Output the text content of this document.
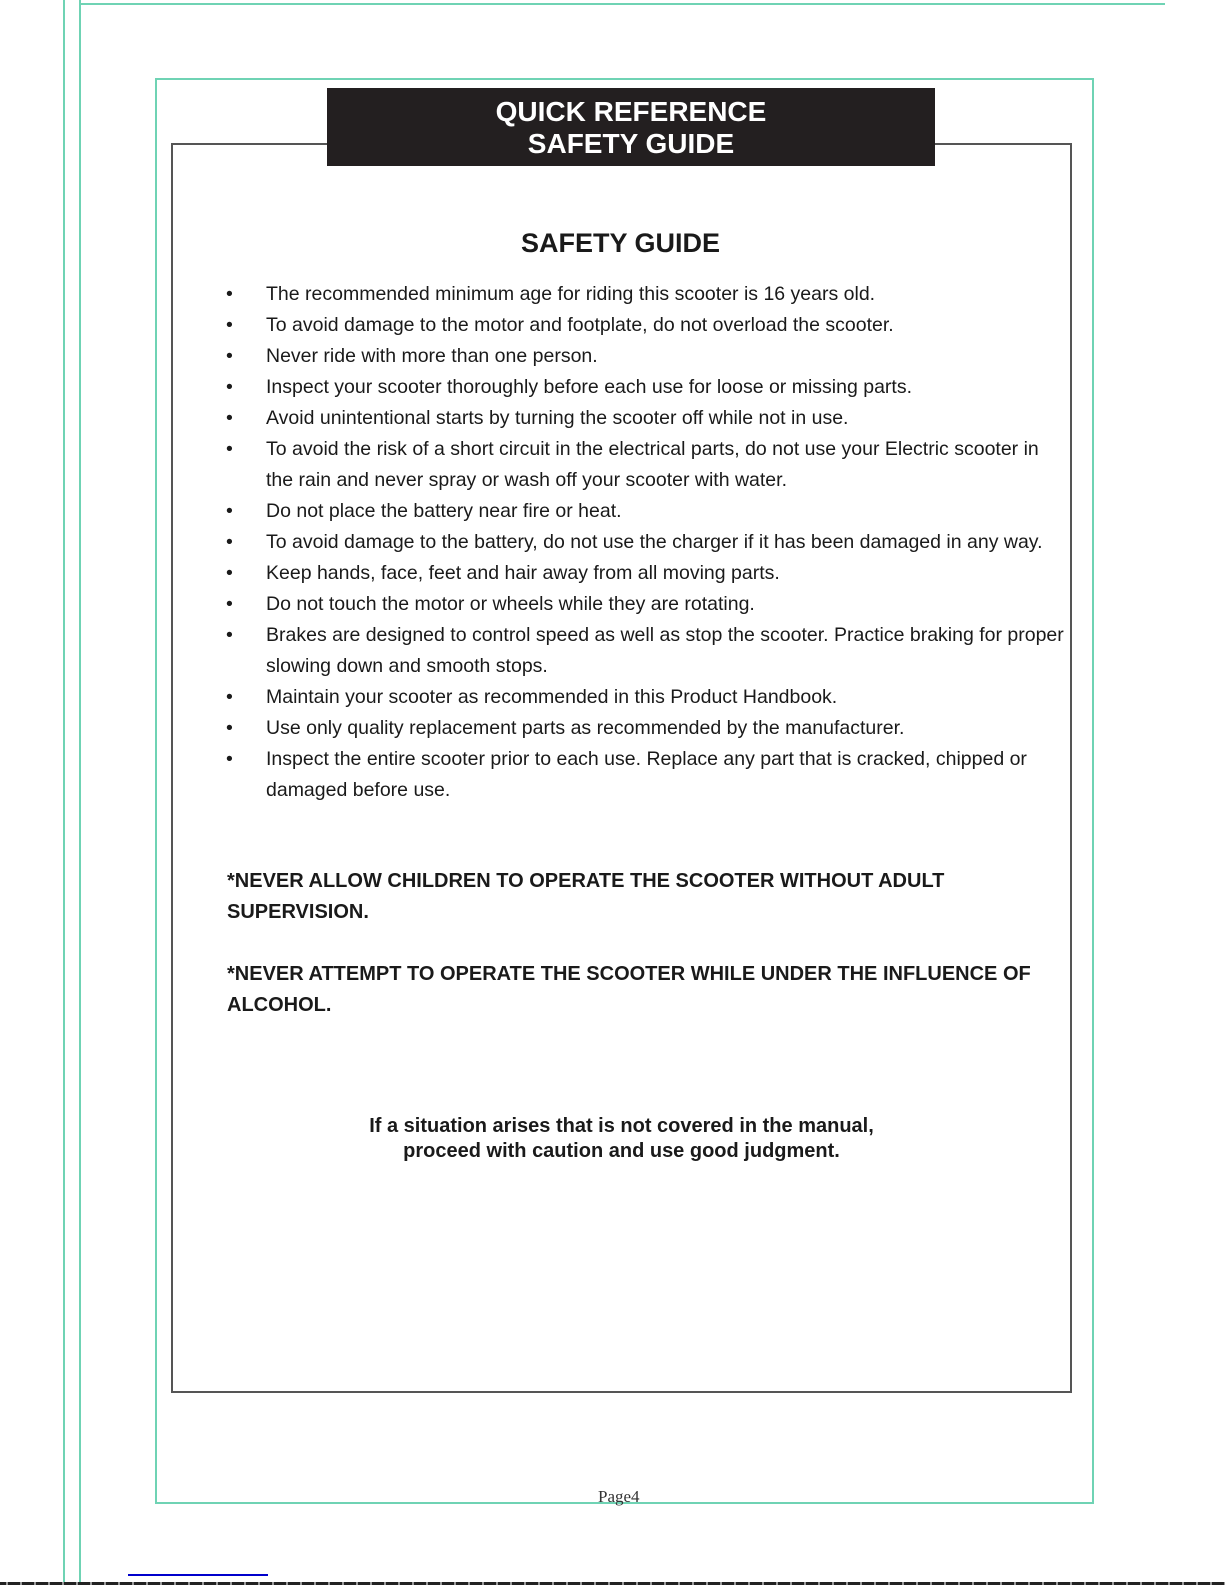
QUICK REFERENCE
SAFETY GUIDE
SAFETY GUIDE
• The recommended minimum age for riding this scooter is 16 years old.
• To avoid damage to the motor and footplate, do not overload the scooter.
• Never ride with more than one person.
• Inspect your scooter thoroughly before each use for loose or missing parts.
• Avoid unintentional starts by turning the scooter off while not in use.
• To avoid the risk of a short circuit in the electrical parts, do not use your Electric scooter in the rain and never spray or wash off your scooter with water.
• Do not place the battery near fire or heat.
• To avoid damage to the battery, do not use the charger if it has been damaged in any way.
• Keep hands, face, feet and hair away from all moving parts.
• Do not touch the motor or wheels while they are rotating.
• Brakes are designed to control speed as well as stop the scooter. Practice braking for proper slowing down and smooth stops.
• Maintain your scooter as recommended in this Product Handbook.
• Use only quality replacement parts as recommended by the manufacturer.
• Inspect the entire scooter prior to each use. Replace any part that is cracked, chipped or damaged before use.
*NEVER ALLOW CHILDREN TO OPERATE THE SCOOTER WITHOUT ADULT SUPERVISION.
*NEVER ATTEMPT TO OPERATE THE SCOOTER WHILE UNDER THE INFLUENCE OF ALCOHOL.
If a situation arises that is not covered in the manual,
proceed with caution and use good judgment.
Page4
